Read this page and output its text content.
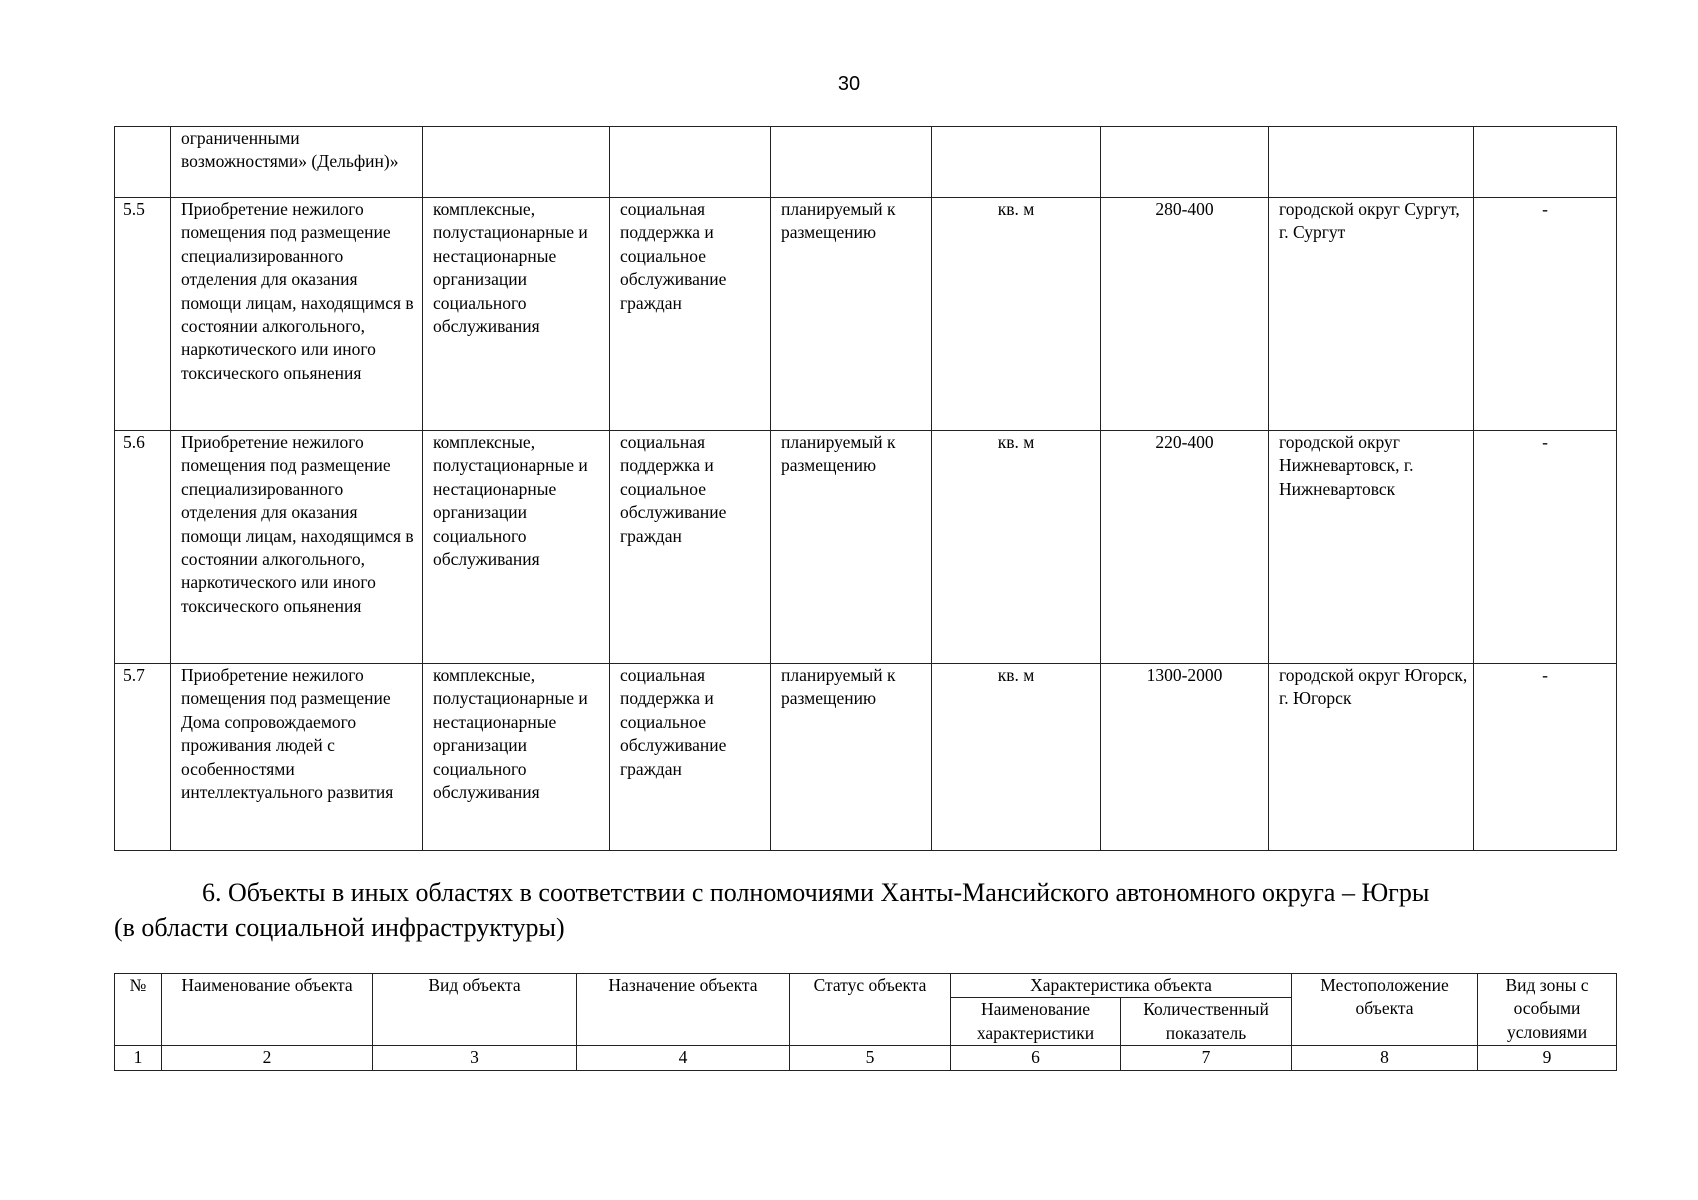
30
	ограниченными возможностями» (Дельфин)»							
5.5	Приобретение нежилого помещения под размещение специализированного отделения для оказания помощи лицам, находящимся в состоянии алкогольного, наркотического или иного токсического опьянения	комплексные, полустационарные и нестационарные организации социального обслуживания	социальная поддержка и социальное обслуживание граждан	планируемый к размещению	кв. м	280-400	городской округ Сургут, г. Сургут	-
5.6	Приобретение нежилого помещения под размещение специализированного отделения для оказания помощи лицам, находящимся в состоянии алкогольного, наркотического или иного токсического опьянения	комплексные, полустационарные и нестационарные организации социального обслуживания	социальная поддержка и социальное обслуживание граждан	планируемый к размещению	кв. м	220-400	городской округ Нижневартовск, г. Нижневартовск	-
5.7	Приобретение нежилого помещения под размещение Дома сопровождаемого проживания людей с особенностями интеллектуального развития	комплексные, полустационарные и нестационарные организации социального обслуживания	социальная поддержка и социальное обслуживание граждан	планируемый к размещению	кв. м	1300-2000	городской округ Югорск, г. Югорск	-
6. Объекты в иных областях в соответствии с полномочиями Ханты-Мансийского автономного округа – Югры
(в области социальной инфраструктуры)
№	Наименование объекта	Вид объекта	Назначение объекта	Статус объекта	Характеристика объекта		Местоположение объекта	Вид зоны с особыми условиями
					Наименование характеристики	Количественный показатель		
1	2	3	4	5	6	7	8	9
